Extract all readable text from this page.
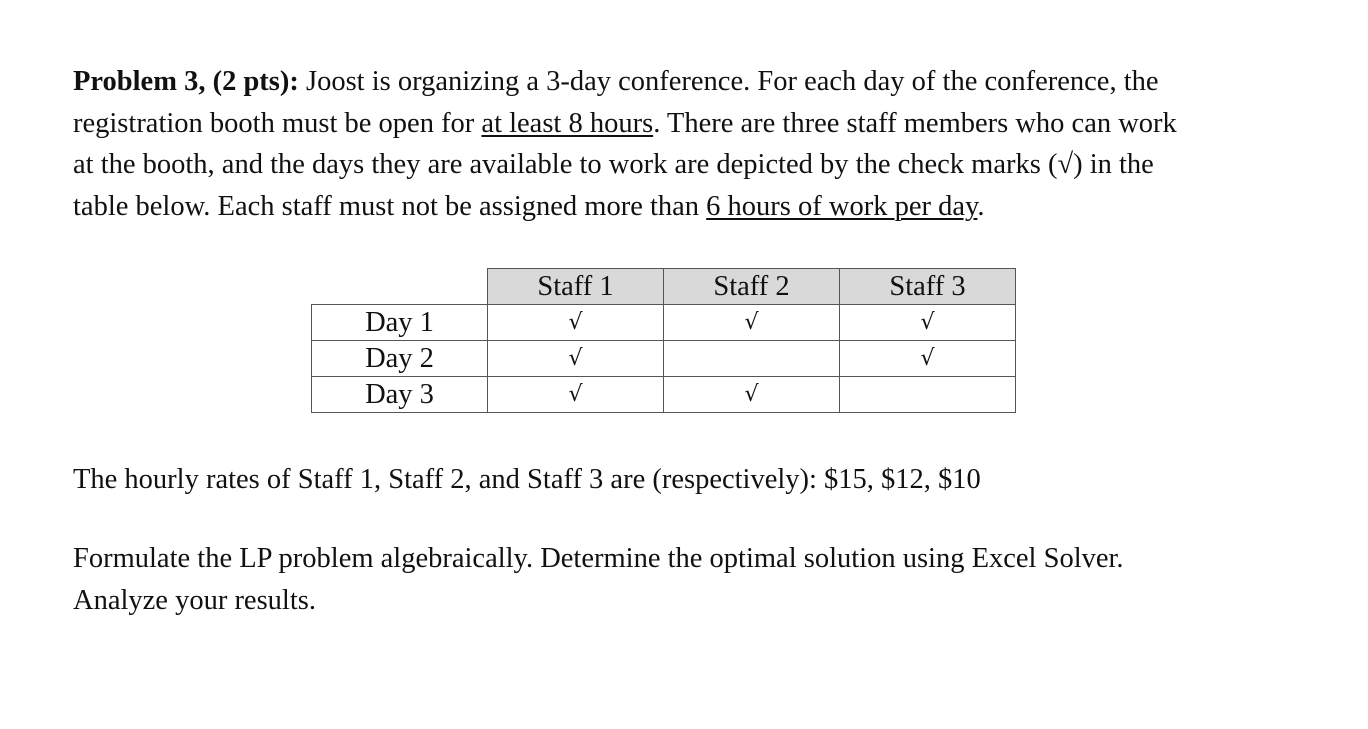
Problem 3, (2 pts): Joost is organizing a 3-day conference. For each day of the conference, the
registration booth must be open for at least 8 hours. There are three staff members who can work
at the booth, and the days they are available to work are depicted by the check marks (√) in the
table below. Each staff must not be assigned more than 6 hours of work per day.
	Staff 1	Staff 2	Staff 3
Day 1	√	√	√
Day 2	√		√
Day 3	√	√	

The hourly rates of Staff 1, Staff 2, and Staff 3 are (respectively): $15, $12, $10

Formulate the LP problem algebraically. Determine the optimal solution using Excel Solver.
Analyze your results.
